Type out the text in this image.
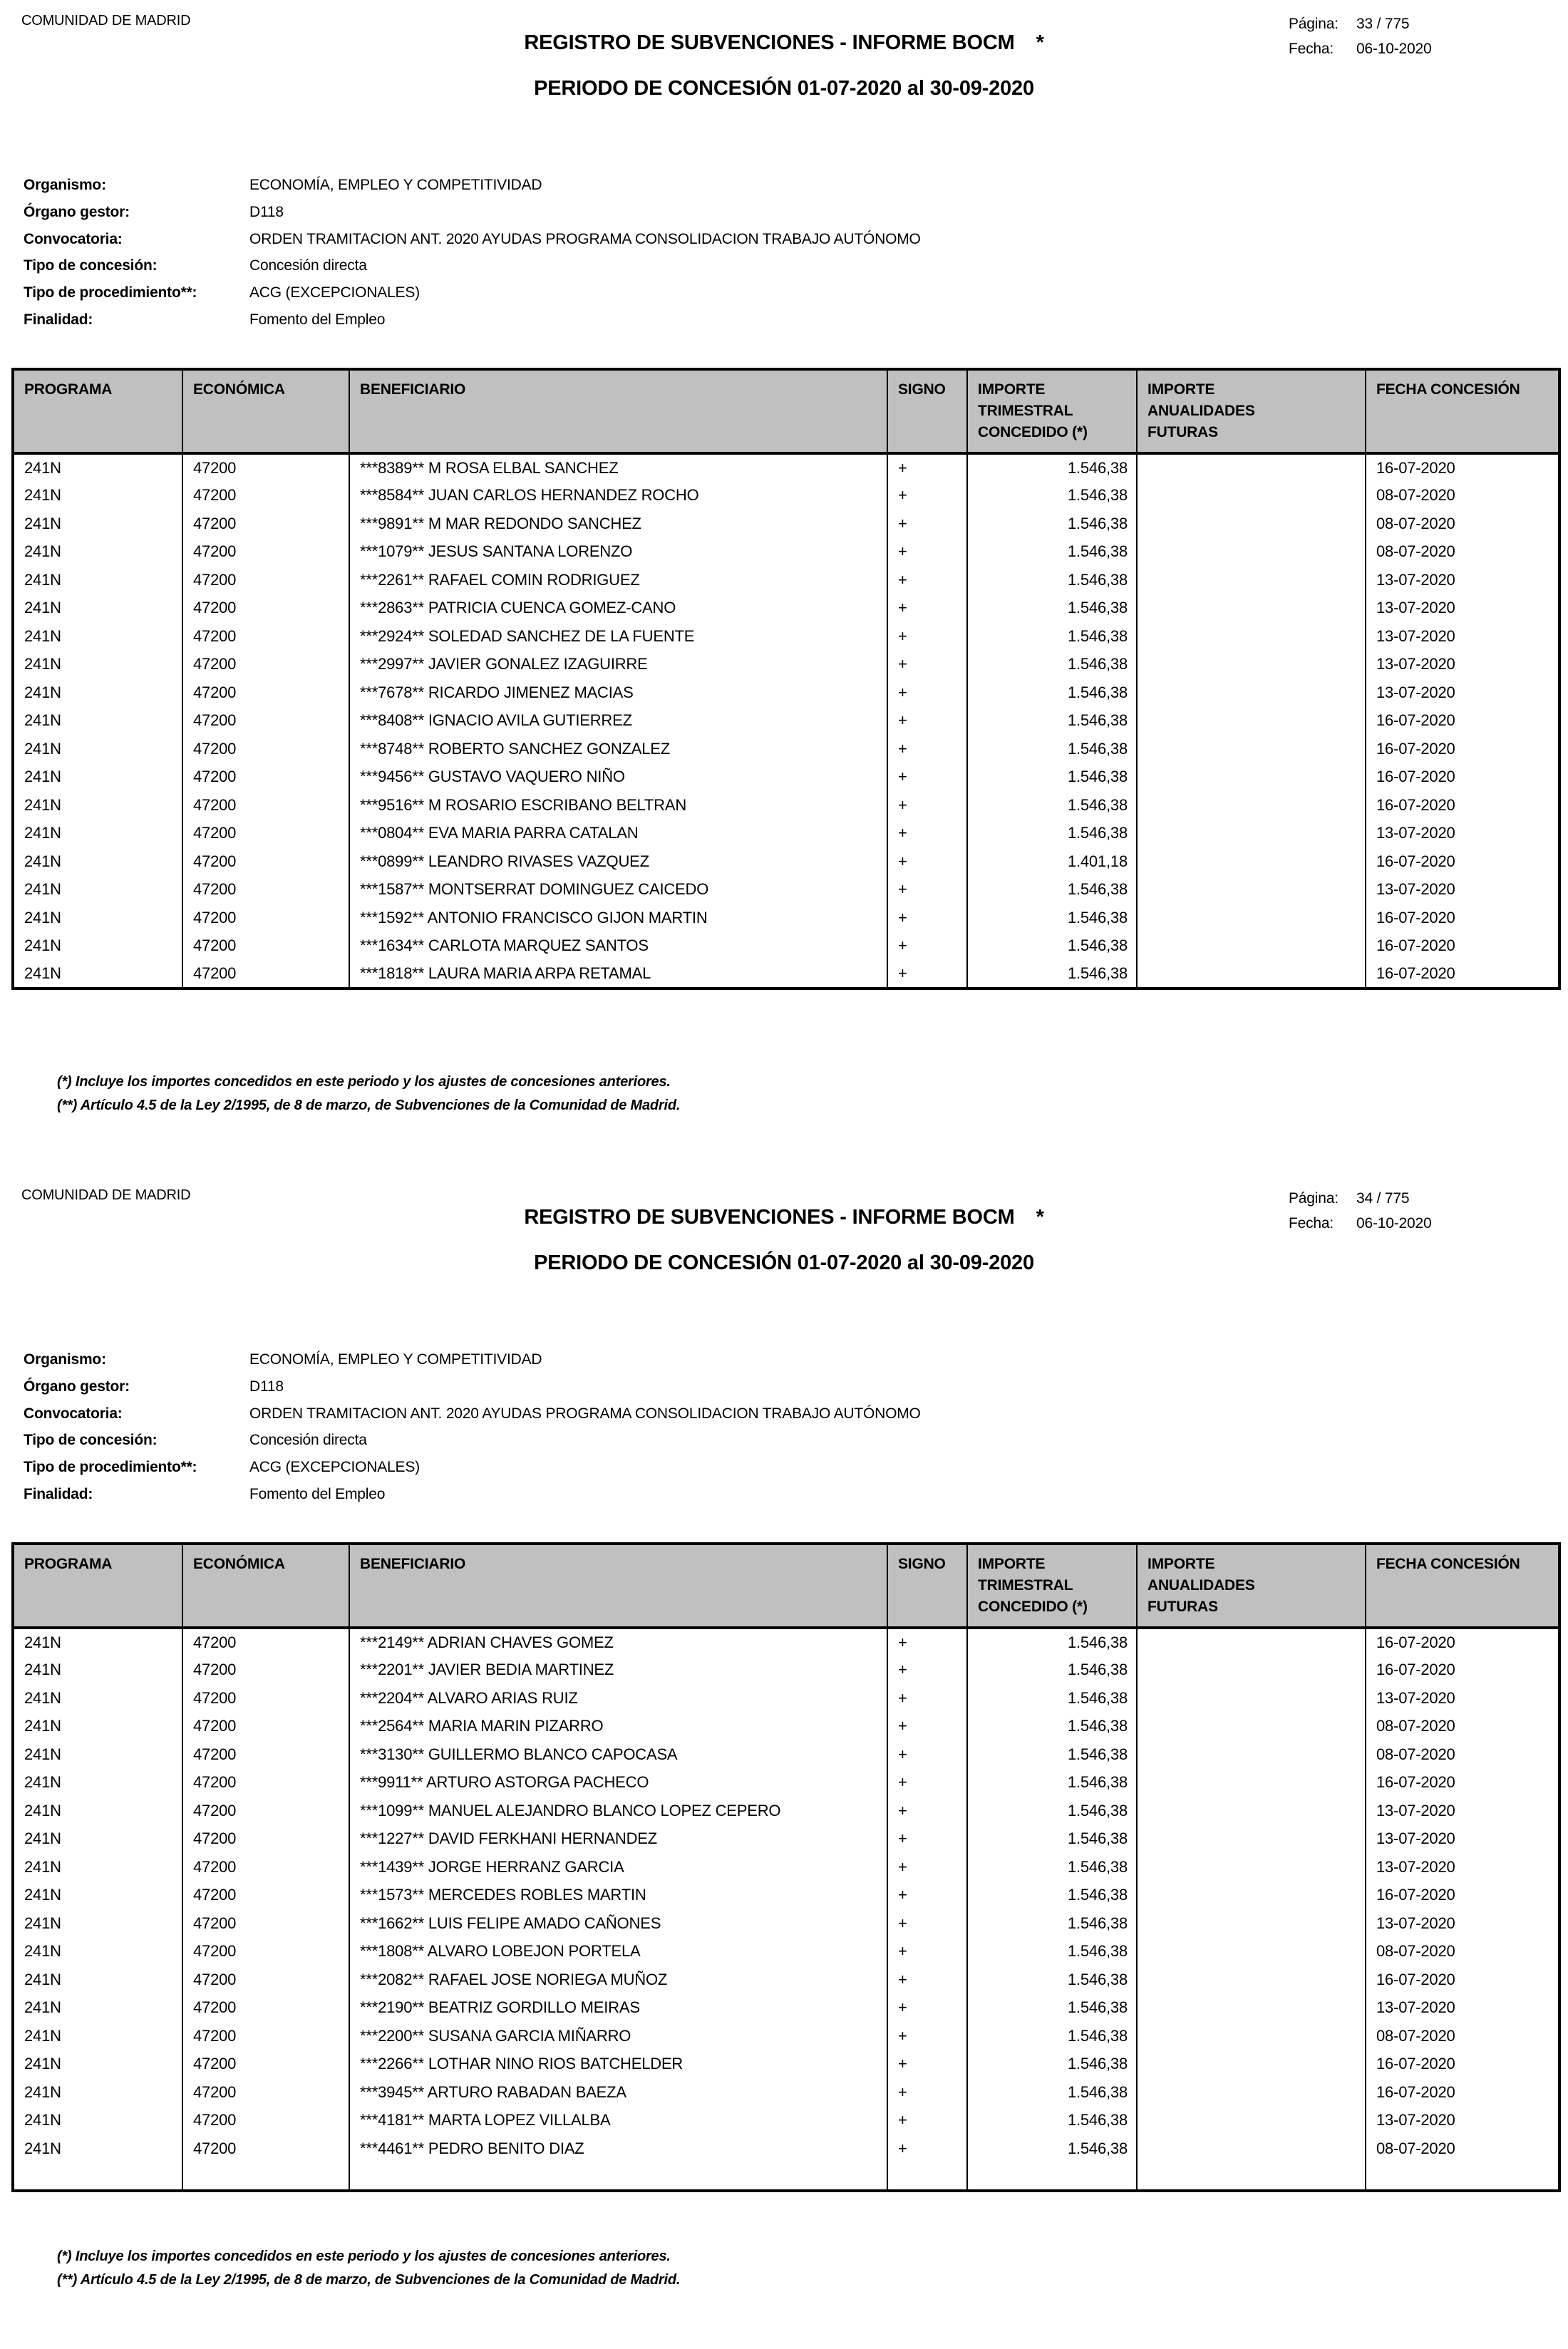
COMUNIDAD DE MADRID	Página: 33 / 775
Fecha: 06-10-2020
REGISTRO DE SUBVENCIONES - INFORME BOCM *
PERIODO DE CONCESIÓN 01-07-2020 al 30-09-2020
Organismo:	ECONOMÍA, EMPLEO Y COMPETITIVIDAD
Órgano gestor:	D118
Convocatoria:	ORDEN TRAMITACION ANT. 2020 AYUDAS PROGRAMA CONSOLIDACION TRABAJO AUTÓNOMO
Tipo de concesión:	Concesión directa
Tipo de procedimiento**:	ACG (EXCEPCIONALES)
Finalidad:	Fomento del Empleo
PROGRAMA	ECONÓMICA	BENEFICIARIO	SIGNO	IMPORTE TRIMESTRAL CONCEDIDO (*)	IMPORTE ANUALIDADES FUTURAS	FECHA CONCESIÓN

241N	47200	***8389** M ROSA ELBAL SANCHEZ	+	1.546,38		16-07-2020
241N	47200	***8584** JUAN CARLOS HERNANDEZ ROCHO	+	1.546,38		08-07-2020
241N	47200	***9891** M MAR REDONDO SANCHEZ	+	1.546,38		08-07-2020
241N	47200	***1079** JESUS SANTANA LORENZO	+	1.546,38		08-07-2020
241N	47200	***2261** RAFAEL COMIN RODRIGUEZ	+	1.546,38		13-07-2020
241N	47200	***2863** PATRICIA CUENCA GOMEZ-CANO	+	1.546,38		13-07-2020
241N	47200	***2924** SOLEDAD SANCHEZ DE LA FUENTE	+	1.546,38		13-07-2020
241N	47200	***2997** JAVIER GONALEZ IZAGUIRRE	+	1.546,38		13-07-2020
241N	47200	***7678** RICARDO JIMENEZ MACIAS	+	1.546,38		13-07-2020
241N	47200	***8408** IGNACIO AVILA GUTIERREZ	+	1.546,38		16-07-2020
241N	47200	***8748** ROBERTO SANCHEZ GONZALEZ	+	1.546,38		16-07-2020
241N	47200	***9456** GUSTAVO VAQUERO NIÑO	+	1.546,38		16-07-2020
241N	47200	***9516** M ROSARIO ESCRIBANO BELTRAN	+	1.546,38		16-07-2020
241N	47200	***0804** EVA MARIA PARRA CATALAN	+	1.546,38		13-07-2020
241N	47200	***0899** LEANDRO RIVASES VAZQUEZ	+	1.401,18		16-07-2020
241N	47200	***1587** MONTSERRAT DOMINGUEZ CAICEDO	+	1.546,38		13-07-2020
241N	47200	***1592** ANTONIO FRANCISCO GIJON MARTIN	+	1.546,38		16-07-2020
241N	47200	***1634** CARLOTA MARQUEZ SANTOS	+	1.546,38		16-07-2020
241N	47200	***1818** LAURA MARIA ARPA RETAMAL	+	1.546,38		16-07-2020
(*) Incluye los importes concedidos en este periodo y los ajustes de concesiones anteriores.
(**) Artículo 4.5 de la Ley 2/1995, de 8 de marzo, de Subvenciones de la Comunidad de Madrid.
COMUNIDAD DE MADRID	Página: 34 / 775
Fecha: 06-10-2020
REGISTRO DE SUBVENCIONES - INFORME BOCM *
PERIODO DE CONCESIÓN 01-07-2020 al 30-09-2020
Organismo:	ECONOMÍA, EMPLEO Y COMPETITIVIDAD
Órgano gestor:	D118
Convocatoria:	ORDEN TRAMITACION ANT. 2020 AYUDAS PROGRAMA CONSOLIDACION TRABAJO AUTÓNOMO
Tipo de concesión:	Concesión directa
Tipo de procedimiento**:	ACG (EXCEPCIONALES)
Finalidad:	Fomento del Empleo
PROGRAMA	ECONÓMICA	BENEFICIARIO	SIGNO	IMPORTE TRIMESTRAL CONCEDIDO (*)	IMPORTE ANUALIDADES FUTURAS	FECHA CONCESIÓN

241N	47200	***2149** ADRIAN CHAVES GOMEZ	+	1.546,38		16-07-2020
241N	47200	***2201** JAVIER BEDIA MARTINEZ	+	1.546,38		16-07-2020
241N	47200	***2204** ALVARO ARIAS RUIZ	+	1.546,38		13-07-2020
241N	47200	***2564** MARIA MARIN PIZARRO	+	1.546,38		08-07-2020
241N	47200	***3130** GUILLERMO BLANCO CAPOCASA	+	1.546,38		08-07-2020
241N	47200	***9911** ARTURO ASTORGA PACHECO	+	1.546,38		16-07-2020
241N	47200	***1099** MANUEL ALEJANDRO BLANCO LOPEZ CEPERO	+	1.546,38		13-07-2020
241N	47200	***1227** DAVID FERKHANI HERNANDEZ	+	1.546,38		13-07-2020
241N	47200	***1439** JORGE HERRANZ GARCIA	+	1.546,38		13-07-2020
241N	47200	***1573** MERCEDES ROBLES MARTIN	+	1.546,38		16-07-2020
241N	47200	***1662** LUIS FELIPE AMADO CAÑONES	+	1.546,38		13-07-2020
241N	47200	***1808** ALVARO LOBEJON PORTELA	+	1.546,38		08-07-2020
241N	47200	***2082** RAFAEL JOSE NORIEGA MUÑOZ	+	1.546,38		16-07-2020
241N	47200	***2190** BEATRIZ GORDILLO MEIRAS	+	1.546,38		13-07-2020
241N	47200	***2200** SUSANA GARCIA MIÑARRO	+	1.546,38		08-07-2020
241N	47200	***2266** LOTHAR NINO RIOS BATCHELDER	+	1.546,38		16-07-2020
241N	47200	***3945** ARTURO RABADAN BAEZA	+	1.546,38		16-07-2020
241N	47200	***4181** MARTA LOPEZ VILLALBA	+	1.546,38		13-07-2020
241N	47200	***4461** PEDRO BENITO DIAZ	+	1.546,38		08-07-2020

(*) Incluye los importes concedidos en este periodo y los ajustes de concesiones anteriores.
(**) Artículo 4.5 de la Ley 2/1995, de 8 de marzo, de Subvenciones de la Comunidad de Madrid.
